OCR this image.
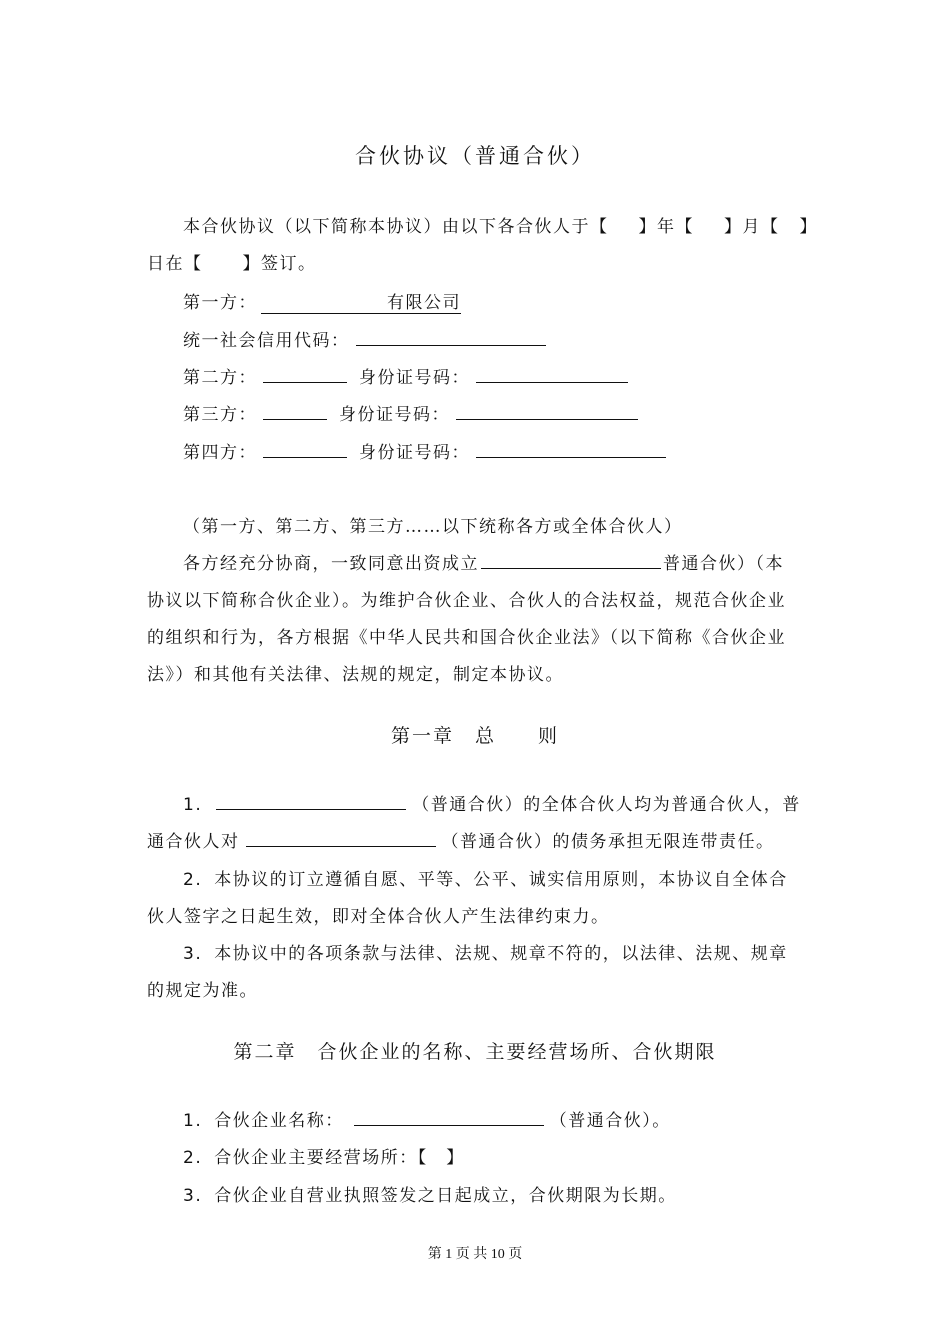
合伙协议（普通合伙）
本合伙协议（以下简称本协议）由以下各合伙人于【 】年【 】月【 】
日在【 】签订。
第一方：	有限公司
统一社会信用代码：
第二方：	身份证号码：
第三方：	身份证号码：
第四方：	身份证号码：
（第一方、第二方、第三方……以下统称各方或全体合伙人）
各方经充分协商，一致同意出资成立	普通合伙）（本
协议以下简称合伙企业）。为维护合伙企业、合伙人的合法权益，规范合伙企业
的组织和行为，各方根据《中华人民共和国合伙企业法》（以下简称《合伙企业
法》）和其他有关法律、法规的规定，制定本协议。
第一章　总　　则
1.	（普通合伙）的全体合伙人均为普通合伙人，普
通合伙人对	（普通合伙）的债务承担无限连带责任。
2. 本协议的订立遵循自愿、平等、公平、诚实信用原则，本协议自全体合
伙人签字之日起生效，即对全体合伙人产生法律约束力。
3. 本协议中的各项条款与法律、法规、规章不符的，以法律、法规、规章
的规定为准。
第二章　合伙企业的名称、主要经营场所、合伙期限
1. 合伙企业名称：	（普通合伙）。
2. 合伙企业主要经营场所：【　】
3. 合伙企业自营业执照签发之日起成立，合伙期限为长期。
第 1 页 共 10 页
